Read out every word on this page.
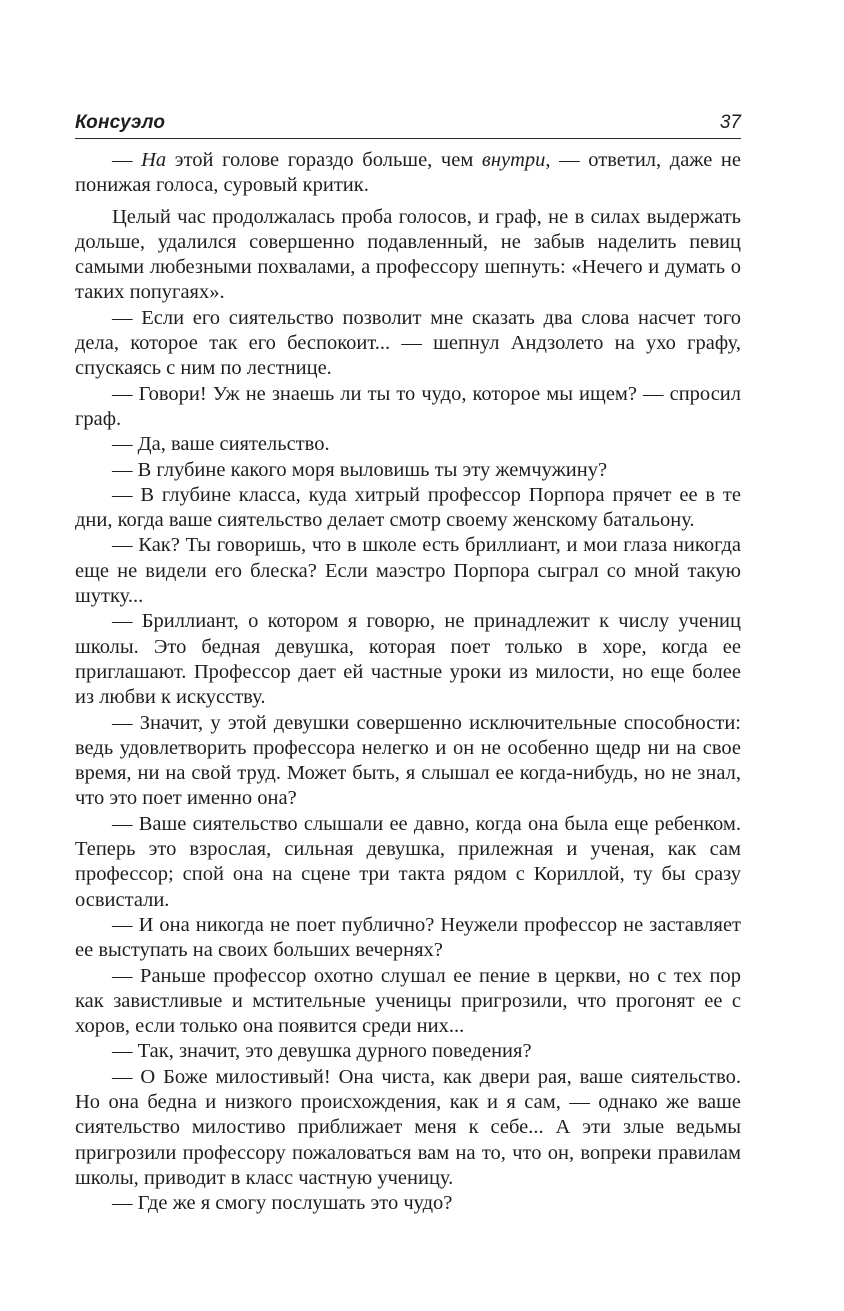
Консуэло	37

— На этой голове гораздо больше, чем внутри, — ответил, даже не понижая голоса, суровый критик.

Целый час продолжалась проба голосов, и граф, не в силах выдержать дольше, удалился совершенно подавленный, не забыв наделить певиц самыми любезными похвалами, а профессору шепнуть: «Нечего и думать о таких попугаях».

— Если его сиятельство позволит мне сказать два слова насчет того дела, которое так его беспокоит... — шепнул Андзолето на ухо графу, спускаясь с ним по лестнице.

— Говори! Уж не знаешь ли ты то чудо, которое мы ищем? — спросил граф.

— Да, ваше сиятельство.

— В глубине какого моря выловишь ты эту жемчужину?

— В глубине класса, куда хитрый профессор Порпора прячет ее в те дни, когда ваше сиятельство делает смотр своему женскому батальону.

— Как? Ты говоришь, что в школе есть бриллиант, и мои глаза никогда еще не видели его блеска? Если маэстро Порпора сыграл со мной такую шутку...

— Бриллиант, о котором я говорю, не принадлежит к числу учениц школы. Это бедная девушка, которая поет только в хоре, когда ее приглашают. Профессор дает ей частные уроки из милости, но еще более из любви к искусству.

— Значит, у этой девушки совершенно исключительные способности: ведь удовлетворить профессора нелегко и он не особенно щедр ни на свое время, ни на свой труд. Может быть, я слышал ее когда-нибудь, но не знал, что это поет именно она?

— Ваше сиятельство слышали ее давно, когда она была еще ребенком. Теперь это взрослая, сильная девушка, прилежная и ученая, как сам профессор; спой она на сцене три такта рядом с Кориллой, ту бы сразу освистали.

— И она никогда не поет публично? Неужели профессор не заставляет ее выступать на своих больших вечернях?

— Раньше профессор охотно слушал ее пение в церкви, но с тех пор как завистливые и мстительные ученицы пригрозили, что прогонят ее с хоров, если только она появится среди них...

— Так, значит, это девушка дурного поведения?

— О Боже милостивый! Она чиста, как двери рая, ваше сиятельство. Но она бедна и низкого происхождения, как и я сам, — однако же ваше сиятельство милостиво приближает меня к себе... А эти злые ведьмы пригрозили профессору пожаловаться вам на то, что он, вопреки правилам школы, приводит в класс частную ученицу.

— Где же я смогу послушать это чудо?
